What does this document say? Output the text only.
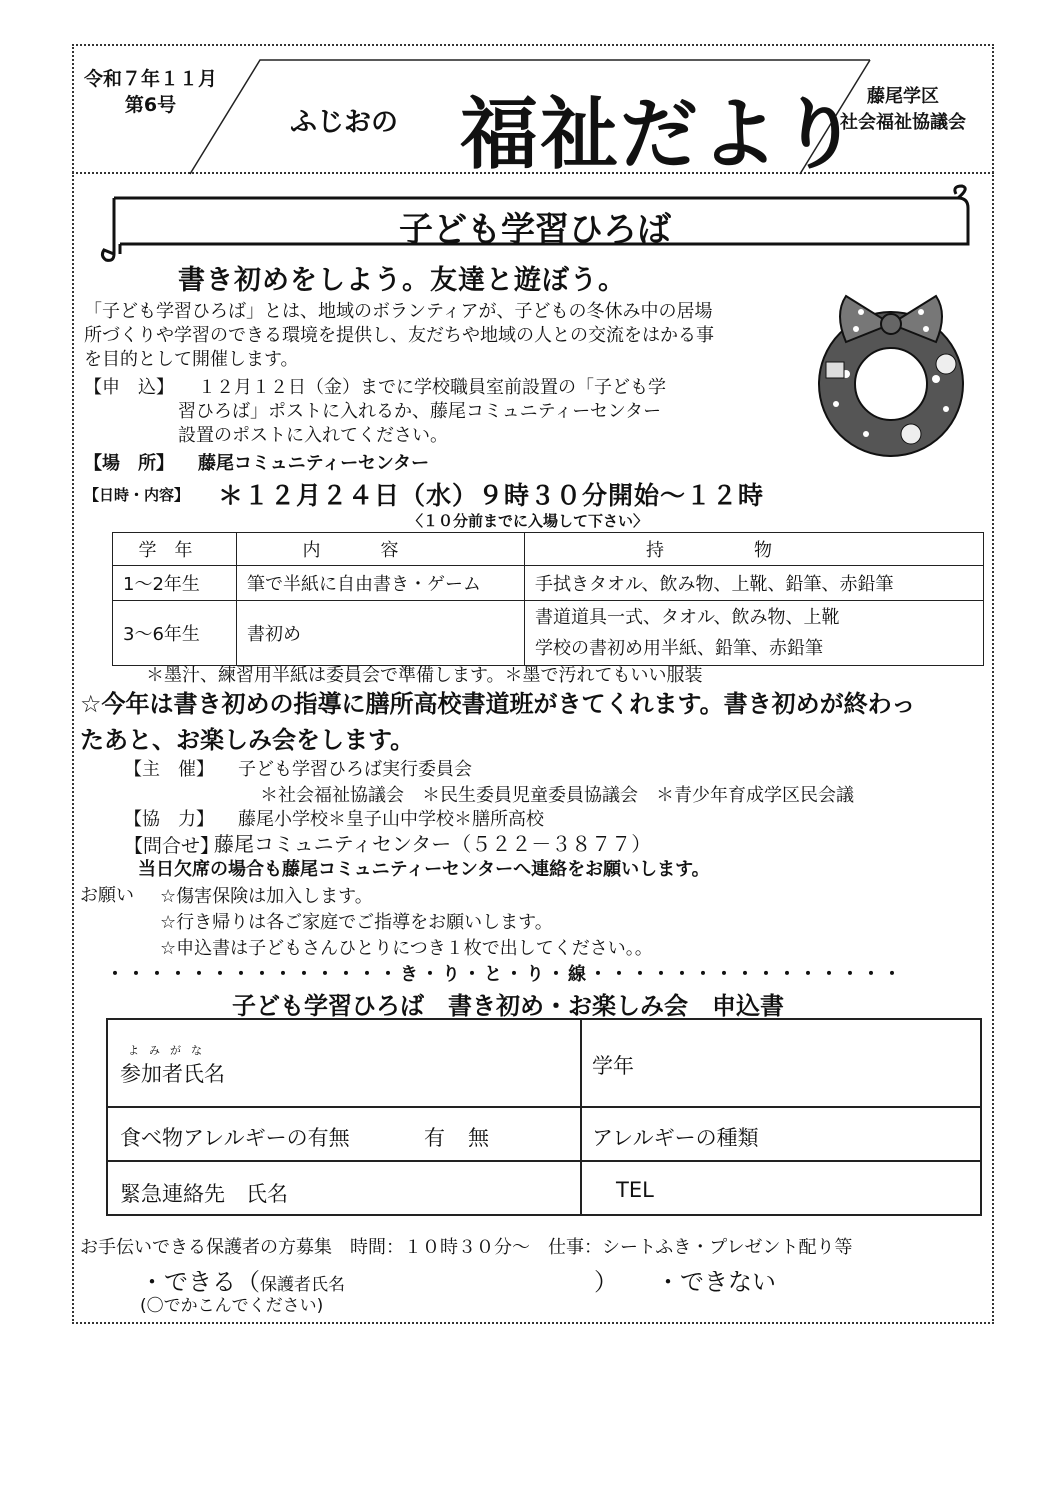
令和７年１１月
第6号
ふじおの 福祉だより 藤尾学区
社会福祉協議会
子ども学習ひろば
書き初めをしよう。友達と遊ぼう。
「子ども学習ひろば」とは、地域のボランティアが、子どもの冬休み中の居場
所づくりや学習のできる環境を提供し、友だちや地域の人との交流をはかる事
を目的として開催します。
【申　込】	１２月１２日（金）までに学校職員室前設置の「子ども学
習ひろば」ポストに入れるか、藤尾コミュニティーセンター
設置のポストに入れてください。
【場　所】 藤尾コミュニティーセンター
【日時・内容】 ＊１２月２４日（水）９時３０分開始～１２時
〈１０分前までに入場して下さい〉
学年	内容	持物
1～2年生	筆で半紙に自由書き・ゲーム	手拭きタオル、飲み物、上靴、鉛筆、赤鉛筆
3～6年生	書初め	書道道具一式、タオル、飲み物、上靴
学校の書初め用半紙、鉛筆、赤鉛筆
＊墨汁、練習用半紙は委員会で準備します。＊墨で汚れてもいい服装
☆今年は書き初めの指導に膳所高校書道班がきてくれます。書き初めが終わっ
たあと、お楽しみ会をします。
【主　催】 子ども学習ひろば実行委員会
＊社会福祉協議会　＊民生委員児童委員協議会　＊青少年育成学区民会議
【協　力】 藤尾小学校＊皇子山中学校＊膳所高校
【問合せ】
藤尾コミュニティセンター（５２２－３８７７）
当日欠席の場合も藤尾コミュニティーセンターへ連絡をお願いします。
お願い ☆傷害保険は加入します。
☆行き帰りは各ご家庭でご指導をお願いします。
☆申込書は子どもさんひとりにつき１枚で出してください。。
・・・・・・・・・・・・・・き・り・と・り・線・・・・・・・・・・・・・・・
子ども学習ひろば　書き初め・お楽しみ会　申込書
よみがな
参加者氏名	学年
食べ物アレルギーの有無	有 無	アレルギーの種類
緊急連絡先　氏名	TEL
お手伝いできる保護者の方募集　時間：１０時３０分～　仕事：シートふき・プレゼント配り等
・できる（保護者氏名	） ・できない
(〇でかこんでください)
